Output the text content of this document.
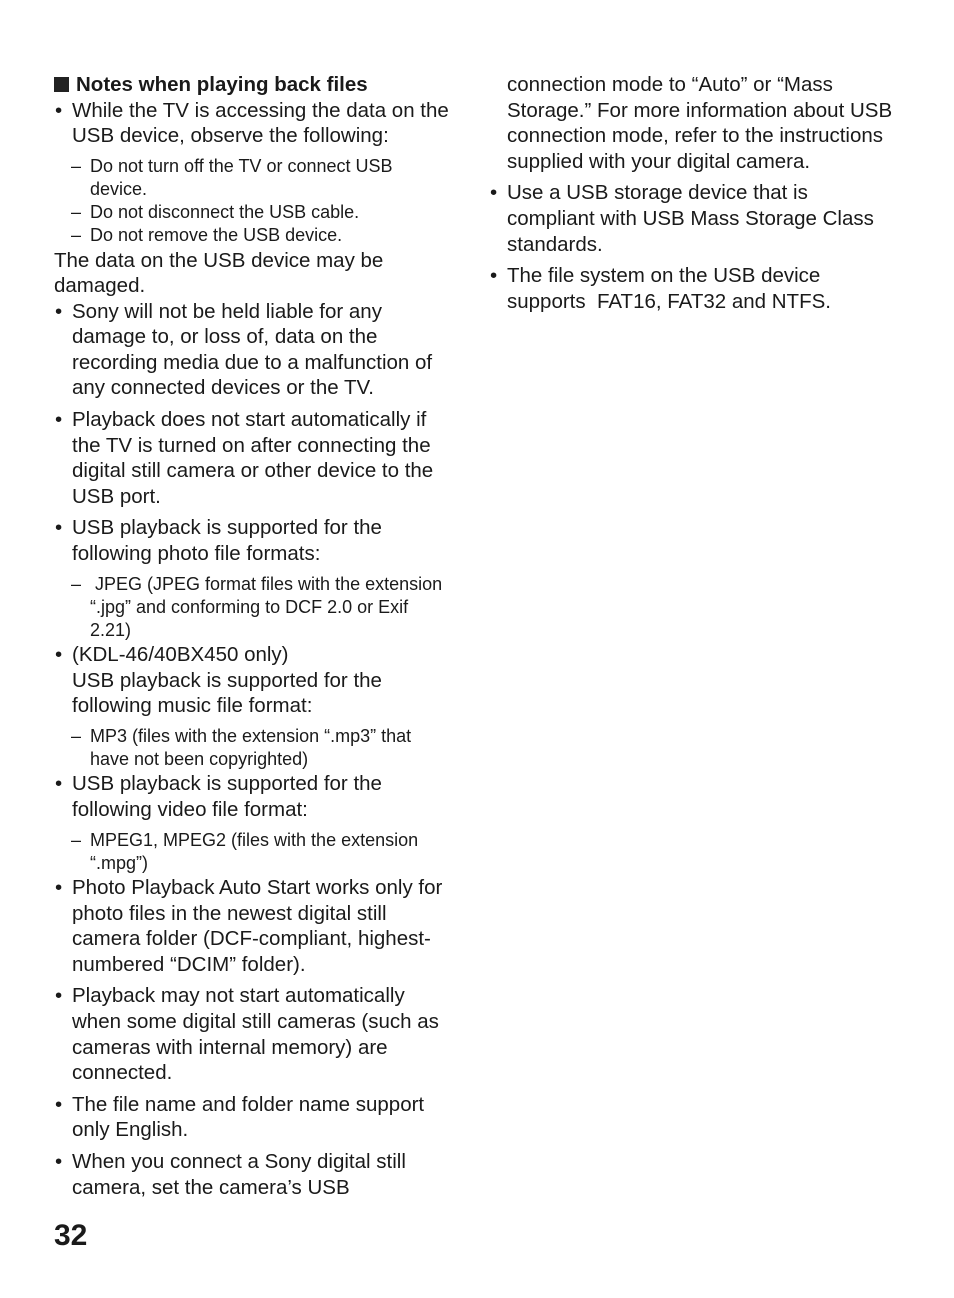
Notes when playing back files

• While the TV is accessing the data on the USB device, observe the following:

– Do not turn off the TV or connect USB device.

– Do not disconnect the USB cable.

– Do not remove the USB device.

The data on the USB device may be damaged.

• Sony will not be held liable for any damage to, or loss of, data on the recording media due to a malfunction of any connected devices or the TV.

• Playback does not start automatically if the TV is turned on after connecting the digital still camera or other device to the USB port.

• USB playback is supported for the following photo file formats:

– JPEG (JPEG format files with the extension “.jpg” and conforming to DCF 2.0 or Exif 2.21)

• (KDL-46/40BX450 only)
USB playback is supported for the following music file format:

– MP3 (files with the extension “.mp3” that have not been copyrighted)

• USB playback is supported for the following video file format:

– MPEG1, MPEG2 (files with the extension “.mpg”)

• Photo Playback Auto Start works only for photo files in the newest digital still camera folder (DCF-compliant, highest-numbered “DCIM” folder).

• Playback may not start automatically when some digital still cameras (such as cameras with internal memory) are connected.

• The file name and folder name support only English.

• When you connect a Sony digital still camera, set the camera’s USB

connection mode to “Auto” or “Mass Storage.” For more information about USB connection mode, refer to the instructions supplied with your digital camera.

• Use a USB storage device that is compliant with USB Mass Storage Class standards.

• The file system on the USB device supports  FAT16, FAT32 and NTFS.

32
